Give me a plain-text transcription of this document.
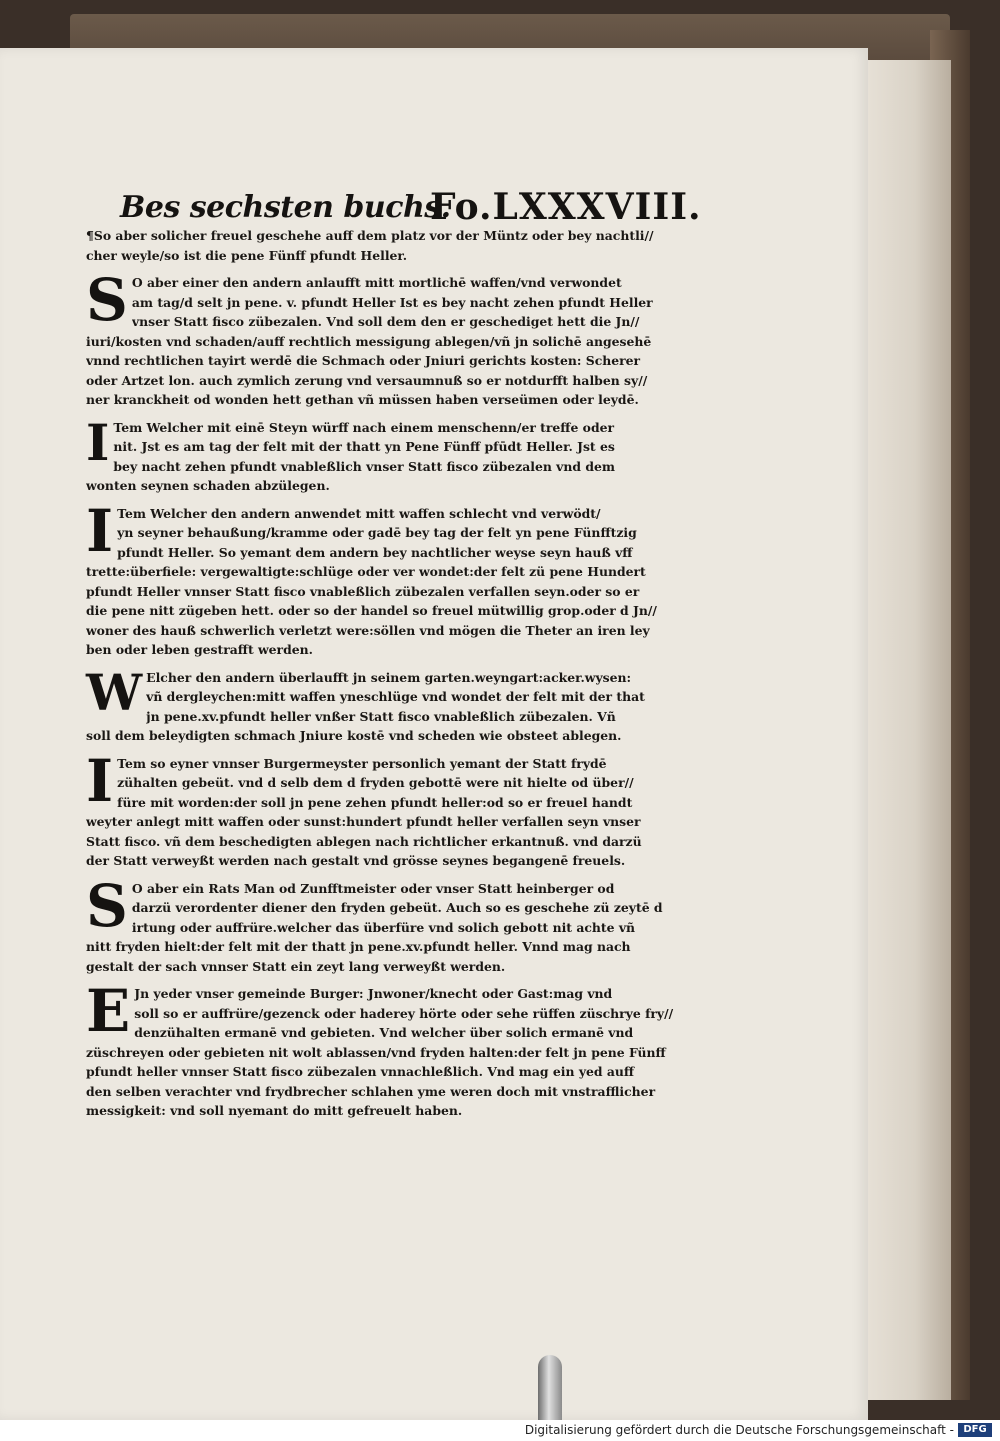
Bes sechsten buchs.
Fo.LXXXVIII.
¶So aber solicher freuel geschehe auff dem platz vor der Müntz oder bey nachtli//
cher weyle/so ist die pene Fünff pfundt Heller.
S O aber einer den andern anlaufft mitt mortlichē waffen/vnd verwondet
am tag/d selt jn pene. v. pfundt Heller Ist es bey nacht zehen pfundt Heller
vnser Statt fisco zübezalen. Vnd soll dem den er geschediget hett die Jn//
iuri/kosten vnd schaden/auff rechtlich messigung ablegen/vñ jn solichē angesehē
vnnd rechtlichen tayirt werdē die Schmach oder Jniuri gerichts kosten: Scherer
oder Artzet lon. auch zymlich zerung vnd versaumnuß so er notdurfft halben sy//
ner kranckheit od wonden hett gethan vñ müssen haben verseümen oder leydē.
I Tem Welcher mit einē Steyn würff nach einem menschenn/er treffe oder
nit. Jst es am tag der felt mit der thatt yn Pene Fünff pfūdt Heller. Jst es
bey nacht zehen pfundt vnableßlich vnser Statt fisco zübezalen vnd dem
wonten seynen schaden abzülegen.
I Tem Welcher den andern anwendet mitt waffen schlecht vnd verwödt/
yn seyner behaußung/kramme oder gadē bey tag der felt yn pene Fünfftzig
pfundt Heller. So yemant dem andern bey nachtlicher weyse seyn hauß vff
trette:überfiele: vergewaltigte:schlüge oder ver wondet:der felt zü pene Hundert
pfundt Heller vnnser Statt fisco vnableßlich zübezalen verfallen seyn.oder so er
die pene nitt zügeben hett. oder so der handel so freuel mütwillig grop.oder d Jn//
woner des hauß schwerlich verletzt were:söllen vnd mögen die Theter an iren ley
ben oder leben gestrafft werden.
W Elcher den andern überlaufft jn seinem garten.weyngart:acker.wysen:
vñ dergleychen:mitt waffen yneschlüge vnd wondet der felt mit der that
jn pene.xv.pfundt heller vnßer Statt fisco vnableßlich zübezalen. Vñ
soll dem beleydigten schmach Jniure kostē vnd scheden wie obsteet ablegen.
I Tem so eyner vnnser Burgermeyster personlich yemant der Statt frydē
zühalten gebeüt. vnd d selb dem d fryden gebottē were nit hielte od über//
füre mit worden:der soll jn pene zehen pfundt heller:od so er freuel handt
weyter anlegt mitt waffen oder sunst:hundert pfundt heller verfallen seyn vnser
Statt fisco. vñ dem beschedigten ablegen nach richtlicher erkantnuß. vnd darzü
der Statt verweyßt werden nach gestalt vnd grösse seynes begangenē freuels.
S O aber ein Rats Man od Zunfftmeister oder vnser Statt heinberger od
darzü verordenter diener den fryden gebeüt. Auch so es geschehe zü zeytē d
irtung oder auffrüre.welcher das überfüre vnd solich gebott nit achte vñ
nitt fryden hielt:der felt mit der thatt jn pene.xv.pfundt heller. Vnnd mag nach
gestalt der sach vnnser Statt ein zeyt lang verweyßt werden.
E Jn yeder vnser gemeinde Burger: Jnwoner/knecht oder Gast:mag vnd
soll so er auffrüre/gezenck oder haderey hörte oder sehe rüffen züschrye fry//
denzühalten ermanē vnd gebieten. Vnd welcher über solich ermanē vnd
züschreyen oder gebieten nit wolt ablassen/vnd fryden halten:der felt jn pene Fünff
pfundt heller vnnser Statt fisco zübezalen vnnachleßlich. Vnd mag ein yed auff
den selben verachter vnd frydbrecher schlahen yme weren doch mit vnstrafflicher
messigkeit: vnd soll nyemant do mitt gefreuelt haben.
Digitalisierung gefördert durch die Deutsche Forschungsgemeinschaft - DFG
